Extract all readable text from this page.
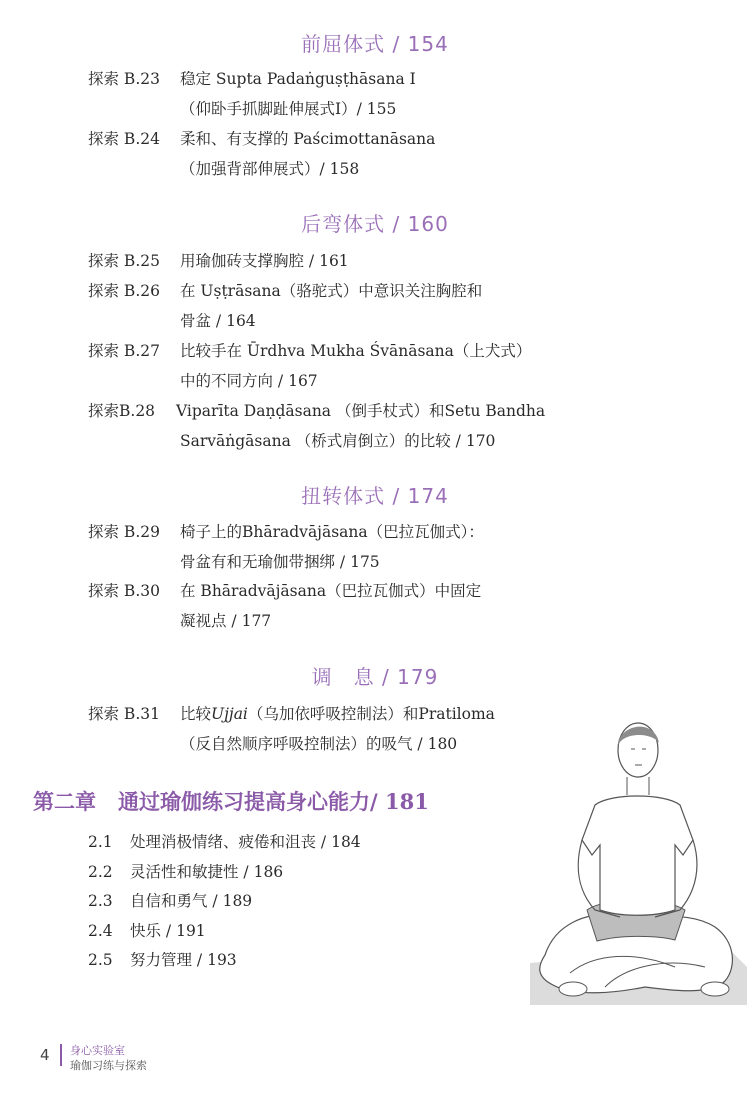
前屈体式 / 154
探索 B.23 稳定 Supta Padaṅguṣṭhāsana Ⅰ
（仰卧手抓脚趾伸展式Ⅰ）/ 155
探索 B.24 柔和、有支撑的 Paścimottanāsana
（加强背部伸展式）/ 158
后弯体式 / 160
探索 B.25 用瑜伽砖支撑胸腔 / 161
探索 B.26 在 Uṣṭrāsana（骆驼式）中意识关注胸腔和
骨盆 / 164
探索 B.27 比较手在 Ūrdhva Mukha Śvānāsana（上犬式）
中的不同方向 / 167
探索B.28 Viparīta Daṇḍāsana （倒手杖式）和Setu Bandha
Sarvāṅgāsana （桥式肩倒立）的比较 / 170
扭转体式 / 174
探索 B.29 椅子上的Bhāradvājāsana（巴拉瓦伽式）：
骨盆有和无瑜伽带捆绑 / 175
探索 B.30 在 Bhāradvājāsana（巴拉瓦伽式）中固定
凝视点 / 177
调　息 / 179
探索 B.31 比较Ujjai（乌加依呼吸控制法）和Pratiloma
（反自然顺序呼吸控制法）的吸气 / 180
第二章 通过瑜伽练习提高身心能力/ 181
2.1 处理消极情绪、疲倦和沮丧 / 184
2.2 灵活性和敏捷性 / 186
2.3 自信和勇气 / 189
2.4 快乐 / 191
2.5 努力管理 / 193
4 身心实验室
瑜伽习练与探索
